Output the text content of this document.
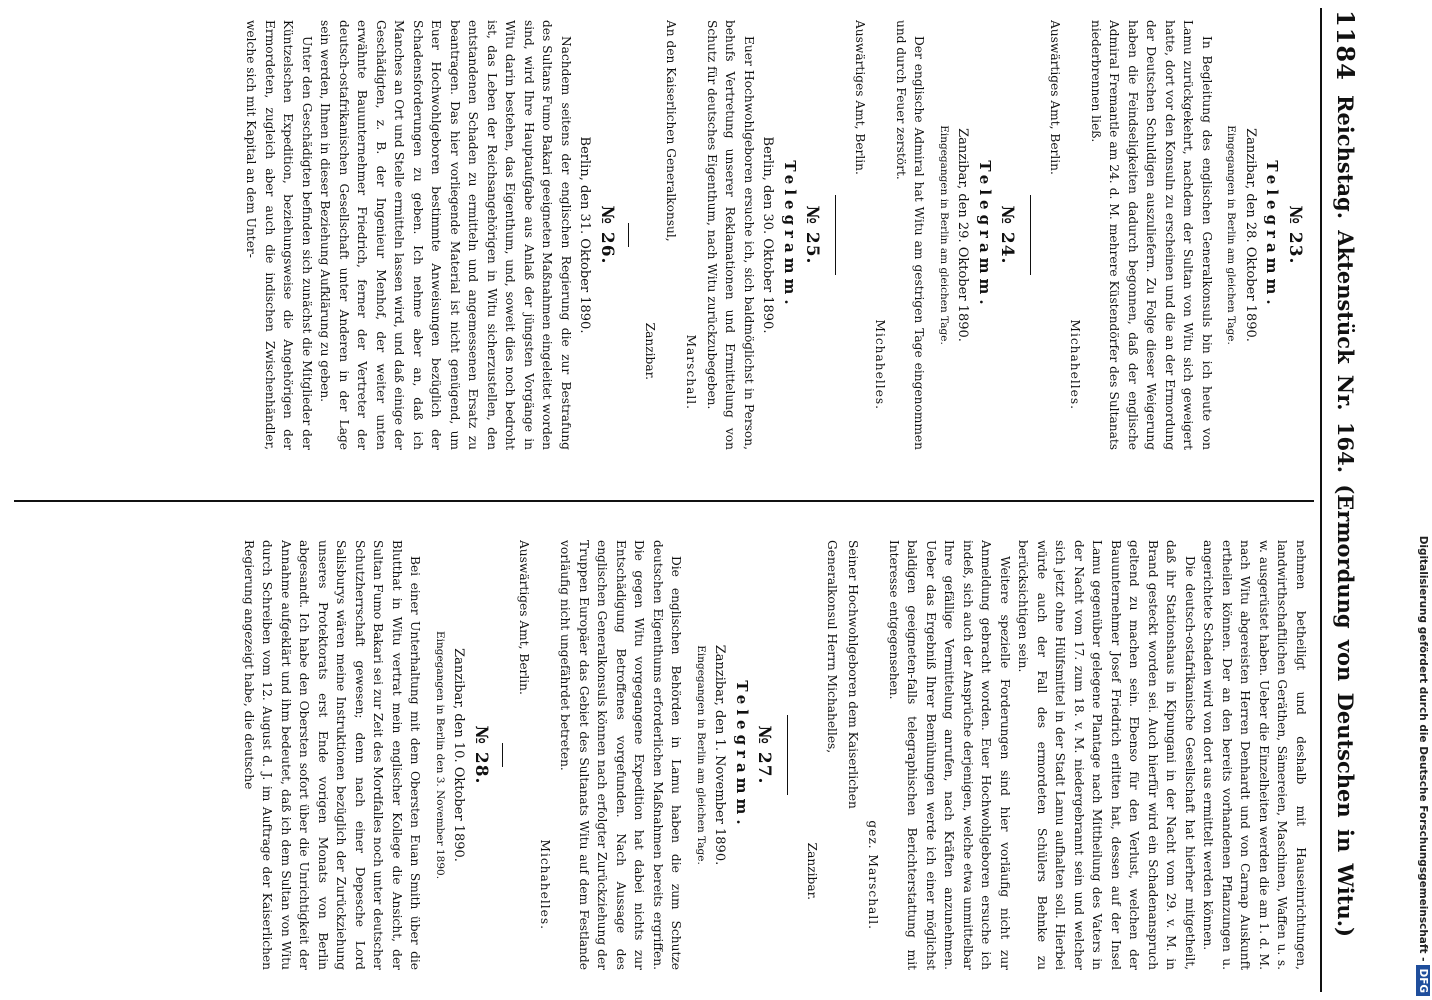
1184
Reichstag. Aktenstück Nr. 164. (Ermordung von Deutschen in Witu.)
№ 23.
Telegramm.
Zanzibar, den 28. Oktober 1890.
Eingegangen in Berlin am gleichen Tage.

In Begleitung des englischen Generalkonsuls bin ich heute von Lamu zurückgekehrt, nachdem der Sultan von Witu sich geweigert hatte, dort vor den Konsuln zu erscheinen und die an der Ermordung der Deutschen Schuldigen auszuliefern. Zu Folge dieser Weigerung haben die Feindseligkeiten dadurch begonnen, daß der englische Admiral Fremantle am 24. d. M. mehrere Küstendörfer des Sultanats niederbrennen ließ.

Michahelles.
Auswärtiges Amt, Berlin.
№ 24.
Telegramm.
Zanzibar, den 29. Oktober 1890.
Eingegangen in Berlin am gleichen Tage.

Der englische Admiral hat Witu am gestrigen Tage eingenommen und durch Feuer zerstört.

Michahelles.
Auswärtiges Amt, Berlin.
№ 25.
Telegramm.
Berlin, den 30. Oktober 1890.

Euer Hochwohlgeboren ersuche ich, sich baldmöglichst in Person, behufs Vertretung unserer Reklamationen und Ermittelung von Schutz für deutsches Eigenthum, nach Witu zurückzubegeben.

Marschall.
An den Kaiserlichen Generalkonsul,
Zanzibar.
№ 26.
Berlin, den 31. Oktober 1890.

Nachdem seitens der englischen Regierung die zur Bestrafung des Sultans Fumo Bakari geeigneten Maßnahmen eingeleitet worden sind, wird Ihre Hauptaufgabe aus Anlaß der jüngsten Vorgänge in Witu darin bestehen, das Eigenthum, und, soweit dies noch bedroht ist, das Leben der Reichsangehörigen in Witu sicherzustellen, den entstandenen Schaden zu ermitteln und angemessenen Ersatz zu beantragen. Das hier vorliegende Material ist nicht genügend, um Euer Hochwohlgeboren bestimmte Anweisungen bezüglich der Schadensforderungen zu geben. Ich nehme aber an, daß ich Manches an Ort und Stelle ermitteln lassen wird, und daß einige der Geschädigten, z. B. der Ingenieur Menhof, der weiter unten erwähnte Bauunternehmer Friedrich, ferner der Vertreter der deutsch-ostafrikanischen Gesellschaft unter Anderen in der Lage sein werden, Ihnen in dieser Beziehung Aufklärung zu geben.

Unter den Geschädigten befinden sich zunächst die Mitglieder der Küntzelschen Expedition, beziehungsweise die Angehörigen der Ermordeten, zugleich aber auch die indischen Zwischenhändler, welche sich mit Kapital an dem Unter-

nehmen betheiligt und deshalb mit Hauseinrichtungen, landwirthschaftlichen Geräthen, Sämereien, Maschinen, Waffen u. s. w. ausgerüstet haben. Ueber die Einzelheiten werden die am 1. d. M. nach Witu abgereisten Herren Denhardt und von Carnap Auskunft ertheilen können. Der an den bereits vorhandenen Pflanzungen u. angerichtete Schaden wird von dort aus ermittelt werden können.

Die deutsch-ostafrikanische Gesellschaft hat hierher mitgetheilt, daß ihr Stationshaus in Kipungani in der Nacht vom 29. v. M. in Brand gesteckt worden sei. Auch hierfür wird ein Schadenanspruch geltend zu machen sein. Ebenso für den Verlust, welchen der Bauunternehmer Josef Friedrich erlitten hat, dessen auf der Insel Lamu gegenüber gelegene Plantage nach Mittheilung des Vaters in der Nacht vom 17. zum 18. v. M. niedergebrannt sein und welcher sich jetzt ohne Hülfsmittel in der Stadt Lamu aufhalten soll. Hierbei würde auch der Fall des ermordeten Schülers Behnke zu berücksichtigen sein.

Weitere spezielle Forderungen sind hier vorläufig nicht zur Anmeldung gebracht worden. Euer Hochwohlgeboren ersuche ich indeß, sich auch der Ansprüche derjenigen, welche etwa unmittelbar Ihre gefällige Vermittelung anrufen, nach Kräften anzunehmen. Ueber das Ergebniß Ihrer Bemühungen werde ich einer möglichst baldigen geeigneten-falls telegraphischen Berichterstattung mit Interesse entgegensehen.

gez. Marschall.
Seiner Hochwohlgeboren dem Kaiserlichen
Generalkonsul Herrn Michahelles,
Zanzibar.
№ 27.
Telegramm.
Zanzibar, den 1. November 1890.
Eingegangen in Berlin am gleichen Tage.

Die englischen Behörden in Lamu haben die zum Schutze deutschen Eigenthums erforderlichen Maßnahmen bereits ergriffen. Die gegen Witu vorgegangene Expedition hat dabei nichts zur Entschädigung Betroffenes vorgefunden. Nach Aussage des englischen Generalkonsuls können nach erfolgter Zurückziehung der Truppen Europäer das Gebiet des Sultanats Witu auf dem Festlande vorläufig nicht ungefährdet betreten.

Michahelles.
Auswärtiges Amt, Berlin.
№ 28.
Zanzibar, den 10. Oktober 1890.
Eingegangen in Berlin den 3. November 1890.

Bei einer Unterhaltung mit dem Obersten Euan Smith über die Blutthat in Witu vertrat mein englischer Kollege die Ansicht, der Sultan Fumo Bakari sei zur Zeit des Mordfalles noch unter deutscher Schutzherrschaft gewesen; denn nach einer Depesche Lord Salisburys wären meine Instruktionen bezüglich der Zurückziehung unseres Protektorats erst Ende vorigen Monats von Berlin abgesandt. Ich habe den Obersten sofort über die Unrichtigkeit der Annahme aufgeklärt und ihm bedeutet, daß ich dem Sultan von Witu durch Schreiben vom 12. August d. J. im Auftrage der Kaiserlichen Regierung angezeigt habe, die deutsche	Digitalisierung gefördert durch die Deutsche Forschungsgemeinschaft -DFG
